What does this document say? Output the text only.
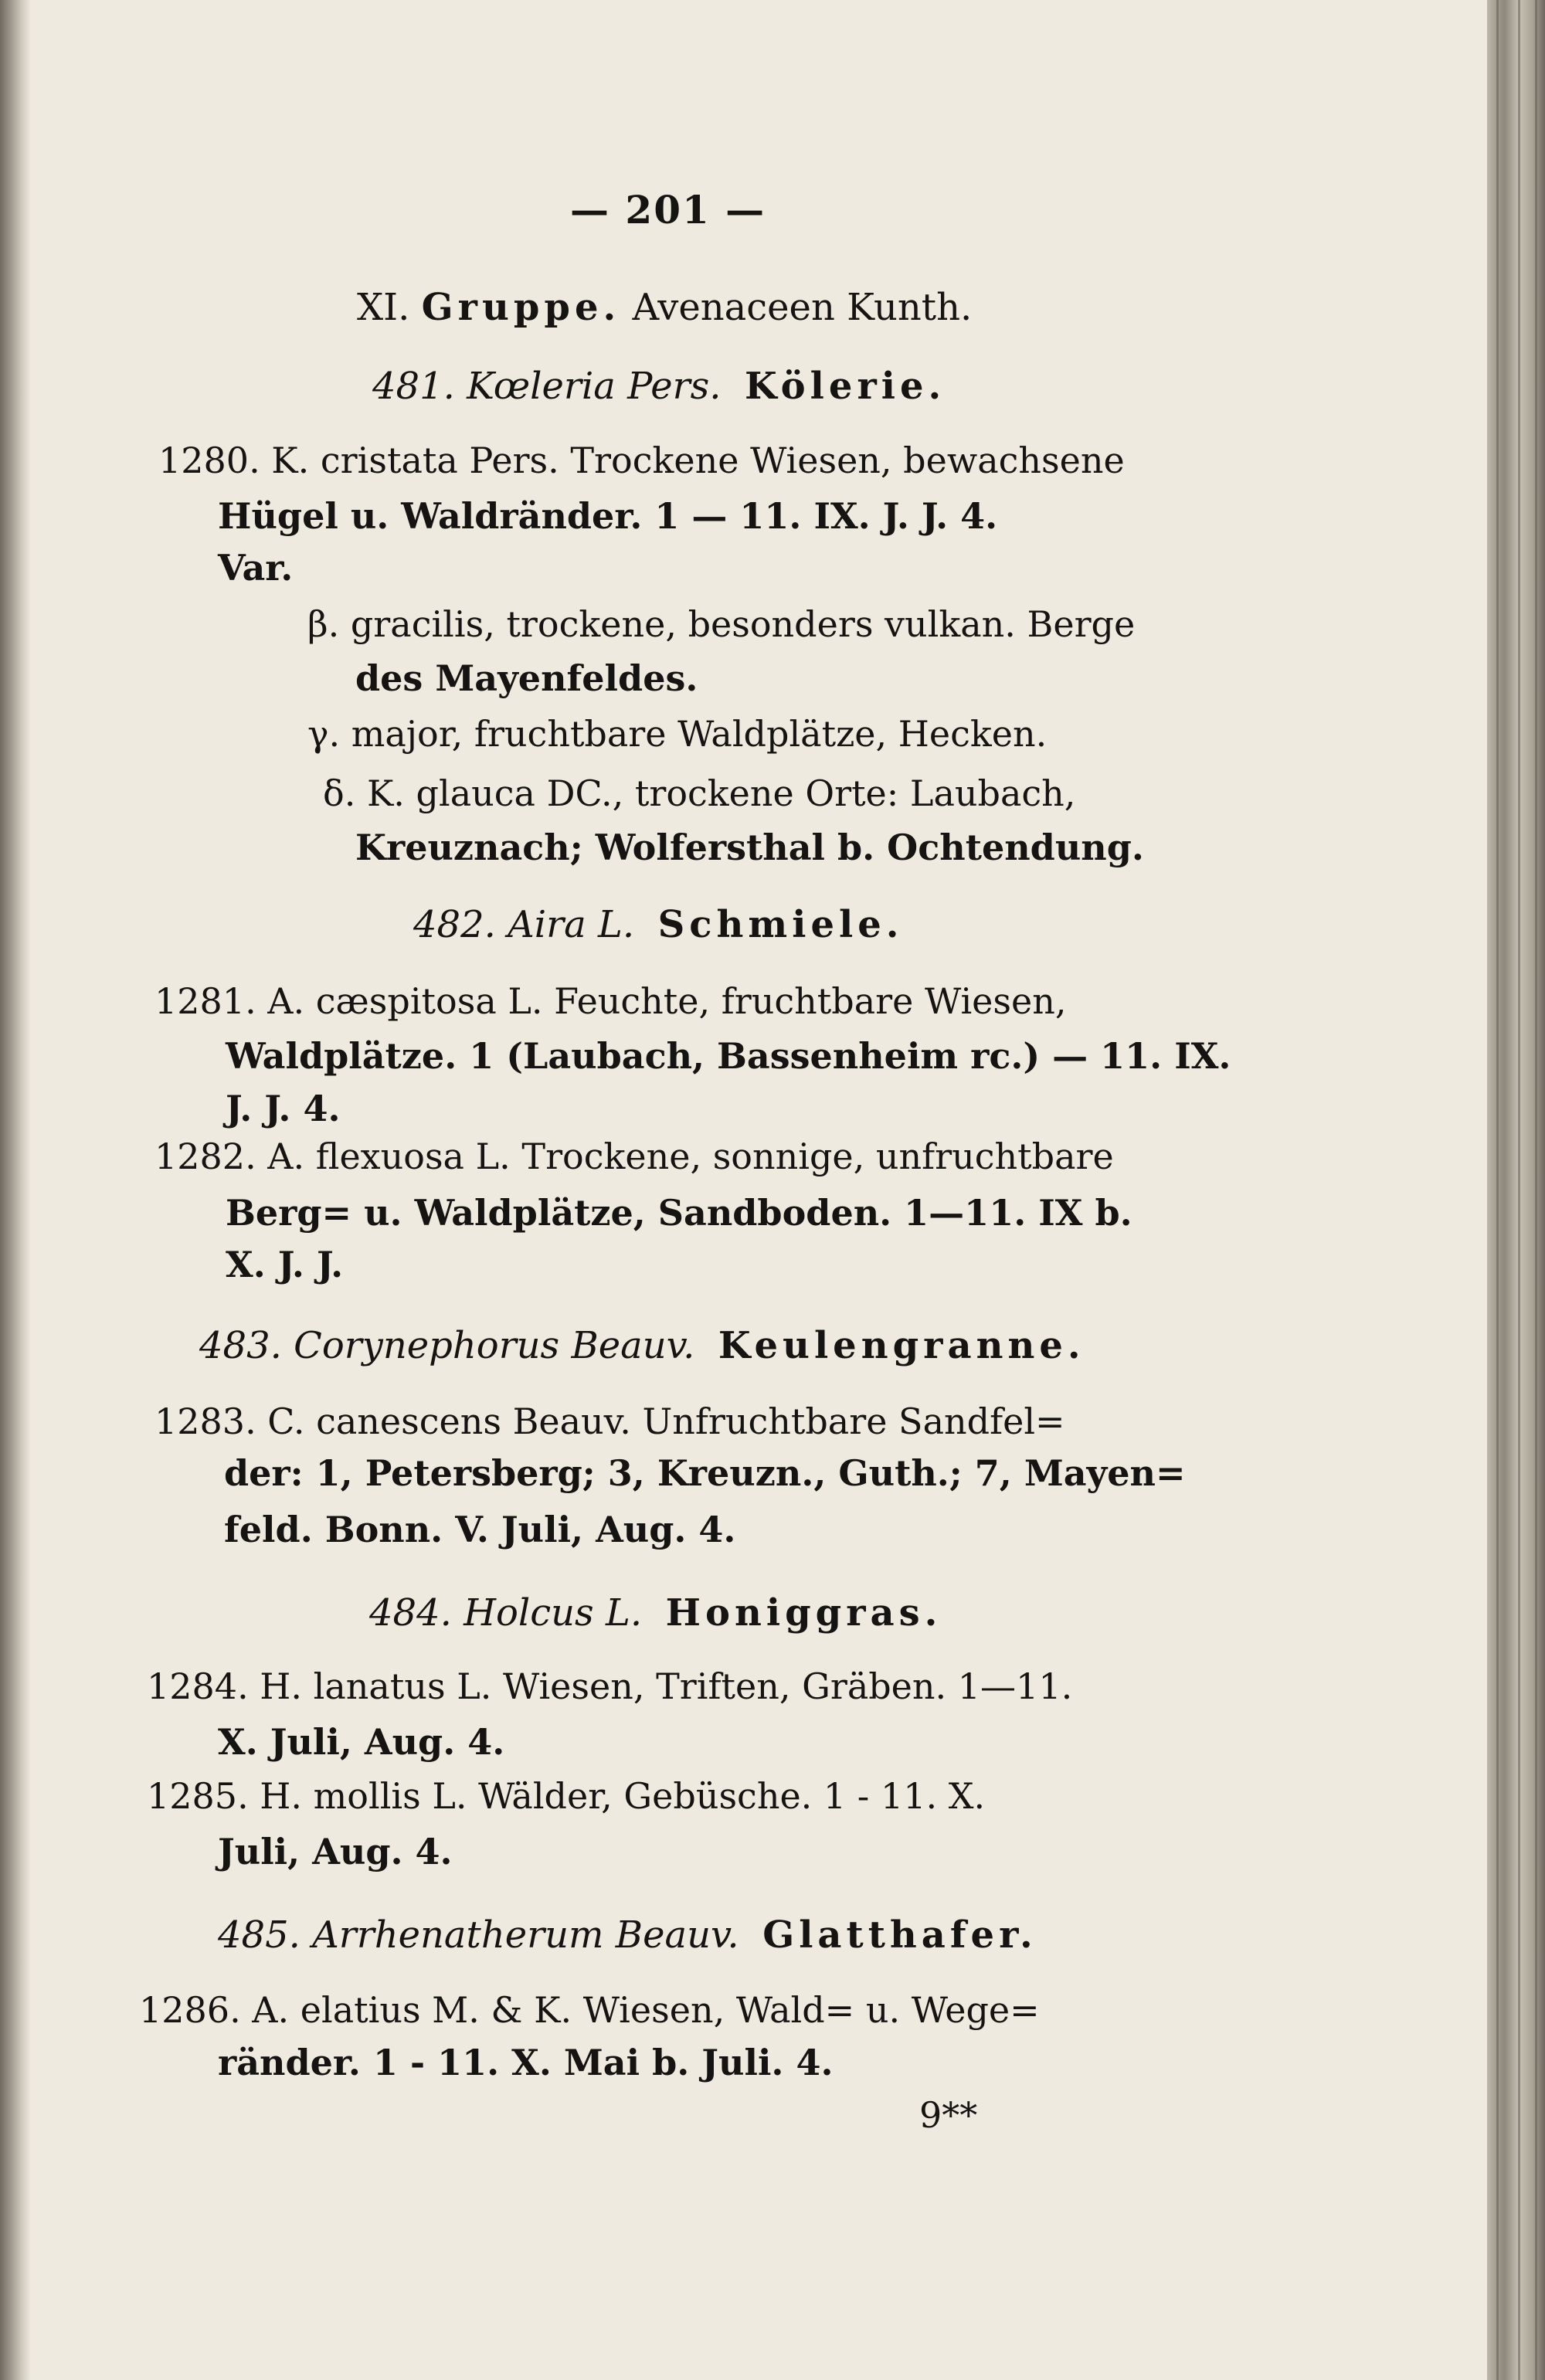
— 201 —
XI. Gruppe. Avenaceen Kunth.
481. Kœleria Pers. Kölerie.
1280. K. cristata Pers. Trockene Wiesen, bewachsene
Hügel u. Waldränder. 1 — 11. IX. J. J. 4.
Var.
β. gracilis, trockene, besonders vulkan. Berge
des Mayenfeldes.
γ. major, fruchtbare Waldplätze, Hecken.
δ. K. glauca DC., trockene Orte: Laubach,
Kreuznach; Wolfersthal b. Ochtendung.
482. Aira L. Schmiele.
1281. A. cæspitosa L. Feuchte, fruchtbare Wiesen,
Waldplätze. 1 (Laubach, Bassenheim rc.) — 11. IX.
J. J. 4.
1282. A. flexuosa L. Trockene, sonnige, unfruchtbare
Berg= u. Waldplätze, Sandboden. 1—11. IX b.
X. J. J.
483. Corynephorus Beauv. Keulengranne.
1283. C. canescens Beauv. Unfruchtbare Sandfel=
der: 1, Petersberg; 3, Kreuzn., Guth.; 7, Mayen=
feld. Bonn. V. Juli, Aug. 4.
484. Holcus L. Honiggras.
1284. H. lanatus L. Wiesen, Triften, Gräben. 1—11.
X. Juli, Aug. 4.
1285. H. mollis L. Wälder, Gebüsche. 1 - 11. X.
Juli, Aug. 4.
485. Arrhenatherum Beauv. Glatthafer.
1286. A. elatius M. & K. Wiesen, Wald= u. Wege=
ränder. 1 - 11. X. Mai b. Juli. 4.
9**
